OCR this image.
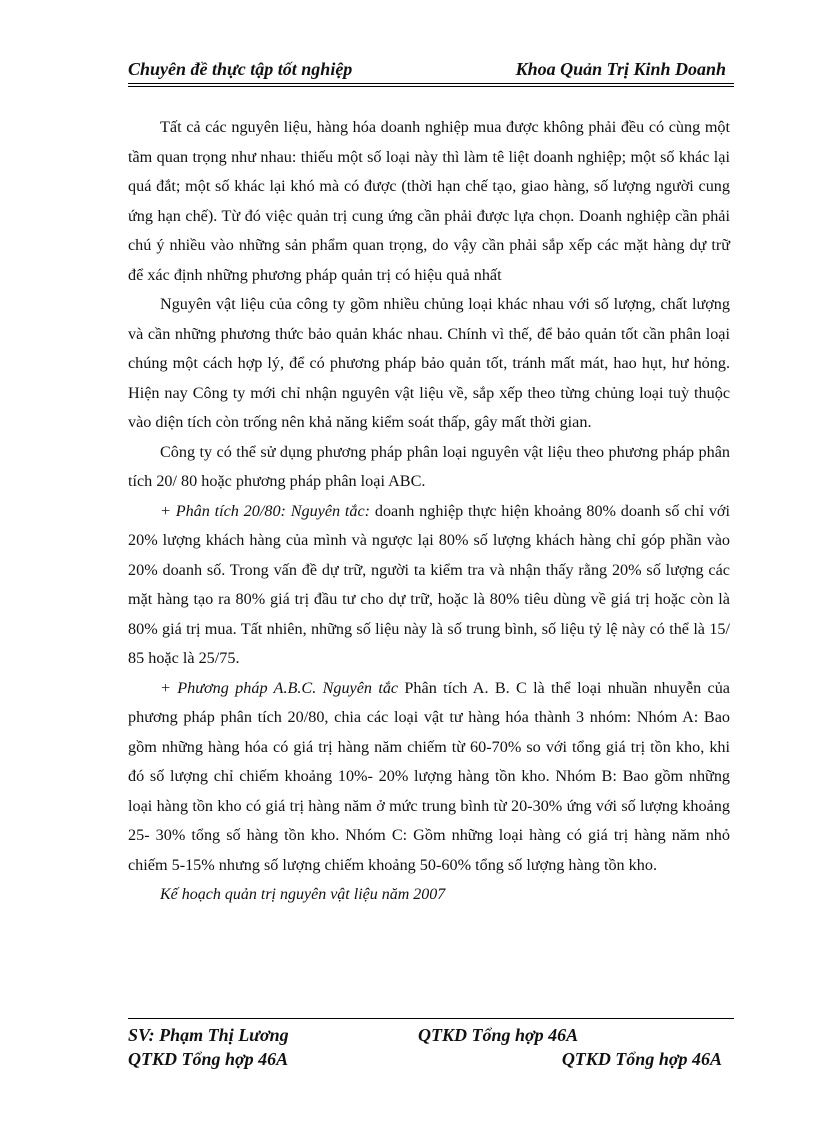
Chuyên đề thực tập tốt nghiệp	Khoa Quản Trị Kinh Doanh

Tất cả các nguyên liệu, hàng hóa doanh nghiệp mua được không phải đều có cùng một tầm quan trọng như nhau: thiếu một số loại này thì làm tê liệt doanh nghiệp; một số khác lại quá đắt; một số khác lại khó mà có được (thời hạn chế tạo, giao hàng, số lượng người cung ứng hạn chế). Từ đó việc quản trị cung ứng cần phải được lựa chọn. Doanh nghiệp cần phải chú ý nhiều vào những sản phẩm quan trọng, do vậy cần phải sắp xếp các mặt hàng dự trữ để xác định những phương pháp quản trị có hiệu quả nhất

Nguyên vật liệu của công ty gồm nhiều chủng loại khác nhau với số lượng, chất lượng và cần những phương thức bảo quản khác nhau. Chính vì thế, để bảo quản tốt cần phân loại chúng một cách hợp lý, để có phương pháp bảo quản tốt, tránh mất mát, hao hụt, hư hỏng. Hiện nay Công ty mới chỉ nhận nguyên vật liệu về, sắp xếp theo từng chủng loại tuỳ thuộc vào diện tích còn trống nên khả năng kiểm soát thấp, gây mất thời gian.

Công ty có thể sử dụng phương pháp phân loại nguyên vật liệu theo phương pháp phân tích 20/ 80 hoặc phương pháp phân loại ABC.

+ Phân tích 20/80: Nguyên tắc: doanh nghiệp thực hiện khoảng 80% doanh số chỉ với 20% lượng khách hàng của mình và ngược lại 80% số lượng khách hàng chỉ góp phần vào 20% doanh số. Trong vấn đề dự trữ, người ta kiểm tra và nhận thấy rằng 20% số lượng các mặt hàng tạo ra 80% giá trị đầu tư cho dự trữ, hoặc là 80% tiêu dùng về giá trị hoặc còn là 80% giá trị mua. Tất nhiên, những số liệu này là số trung bình, số liệu tỷ lệ này có thể là 15/ 85 hoặc là 25/75.

+ Phương pháp A.B.C. Nguyên tắc Phân tích A. B. C là thể loại nhuần nhuyễn của phương pháp phân tích 20/80, chia các loại vật tư hàng hóa thành 3 nhóm: Nhóm A: Bao gồm những hàng hóa có giá trị hàng năm chiếm từ 60-70% so với tổng giá trị tồn kho, khi đó số lượng chỉ chiếm khoảng 10%- 20% lượng hàng tồn kho. Nhóm B: Bao gồm những loại hàng tồn kho có giá trị hàng năm ở mức trung bình từ 20-30% ứng với số lượng khoảng 25- 30% tổng số hàng tồn kho. Nhóm C: Gồm những loại hàng có giá trị hàng năm nhỏ chiếm 5-15% nhưng số lượng chiếm khoảng 50-60% tổng số lượng hàng tồn kho.

Kế hoạch quản trị nguyên vật liệu năm 2007

SV: Phạm Thị Lương	QTKD Tổng hợp 46A
QTKD Tổng hợp 46A	QTKD Tổng hợp 46A
